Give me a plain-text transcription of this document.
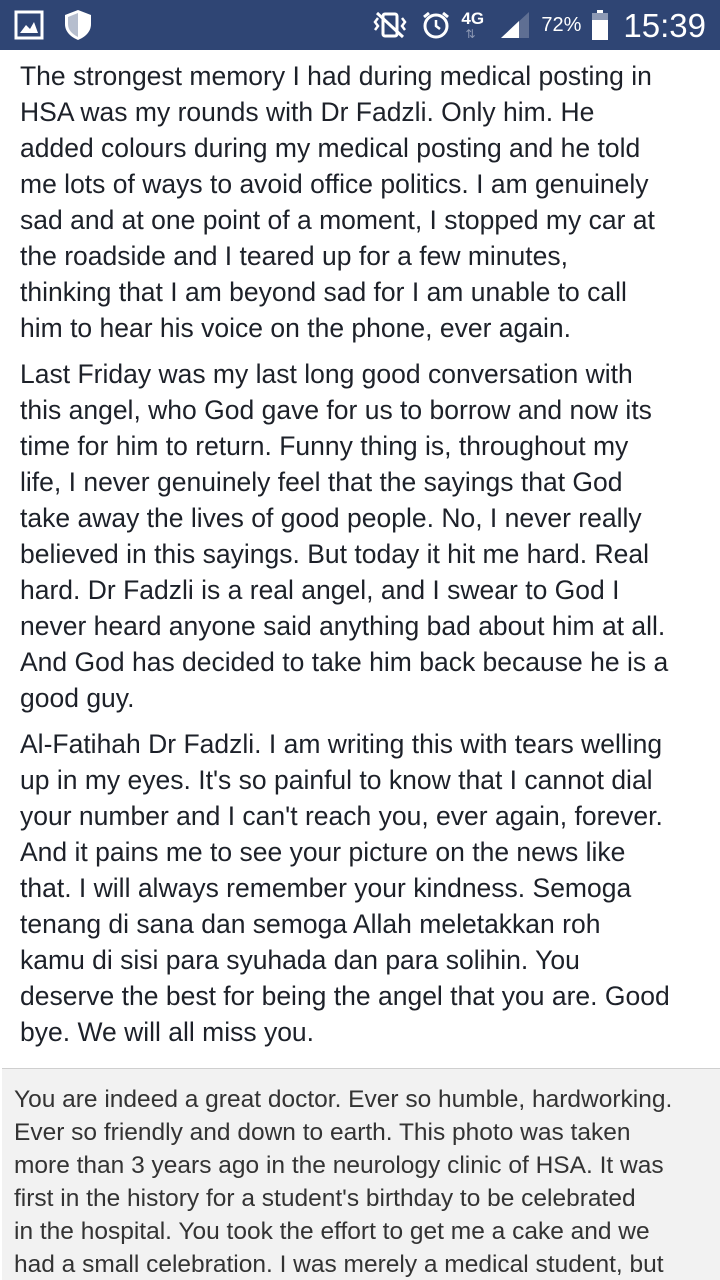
4G
⇅	72% 15:39

The strongest memory I had during medical posting in
HSA was my rounds with Dr Fadzli. Only him. He
added colours during my medical posting and he told
me lots of ways to avoid office politics. I am genuinely
sad and at one point of a moment, I stopped my car at
the roadside and I teared up for a few minutes,
thinking that I am beyond sad for I am unable to call
him to hear his voice on the phone, ever again.

Last Friday was my last long good conversation with
this angel, who God gave for us to borrow and now its
time for him to return. Funny thing is, throughout my
life, I never genuinely feel that the sayings that God
take away the lives of good people. No, I never really
believed in this sayings. But today it hit me hard. Real
hard. Dr Fadzli is a real angel, and I swear to God I
never heard anyone said anything bad about him at all.
And God has decided to take him back because he is a
good guy.

Al-Fatihah Dr Fadzli. I am writing this with tears welling
up in my eyes. It's so painful to know that I cannot dial
your number and I can't reach you, ever again, forever.
And it pains me to see your picture on the news like
that. I will always remember your kindness. Semoga
tenang di sana dan semoga Allah meletakkan roh
kamu di sisi para syuhada dan para solihin. You
deserve the best for being the angel that you are. Good
bye. We will all miss you.

You are indeed a great doctor. Ever so humble, hardworking.
Ever so friendly and down to earth. This photo was taken
more than 3 years ago in the neurology clinic of HSA. It was
first in the history for a student's birthday to be celebrated
in the hospital. You took the effort to get me a cake and we
had a small celebration. I was merely a medical student, but
